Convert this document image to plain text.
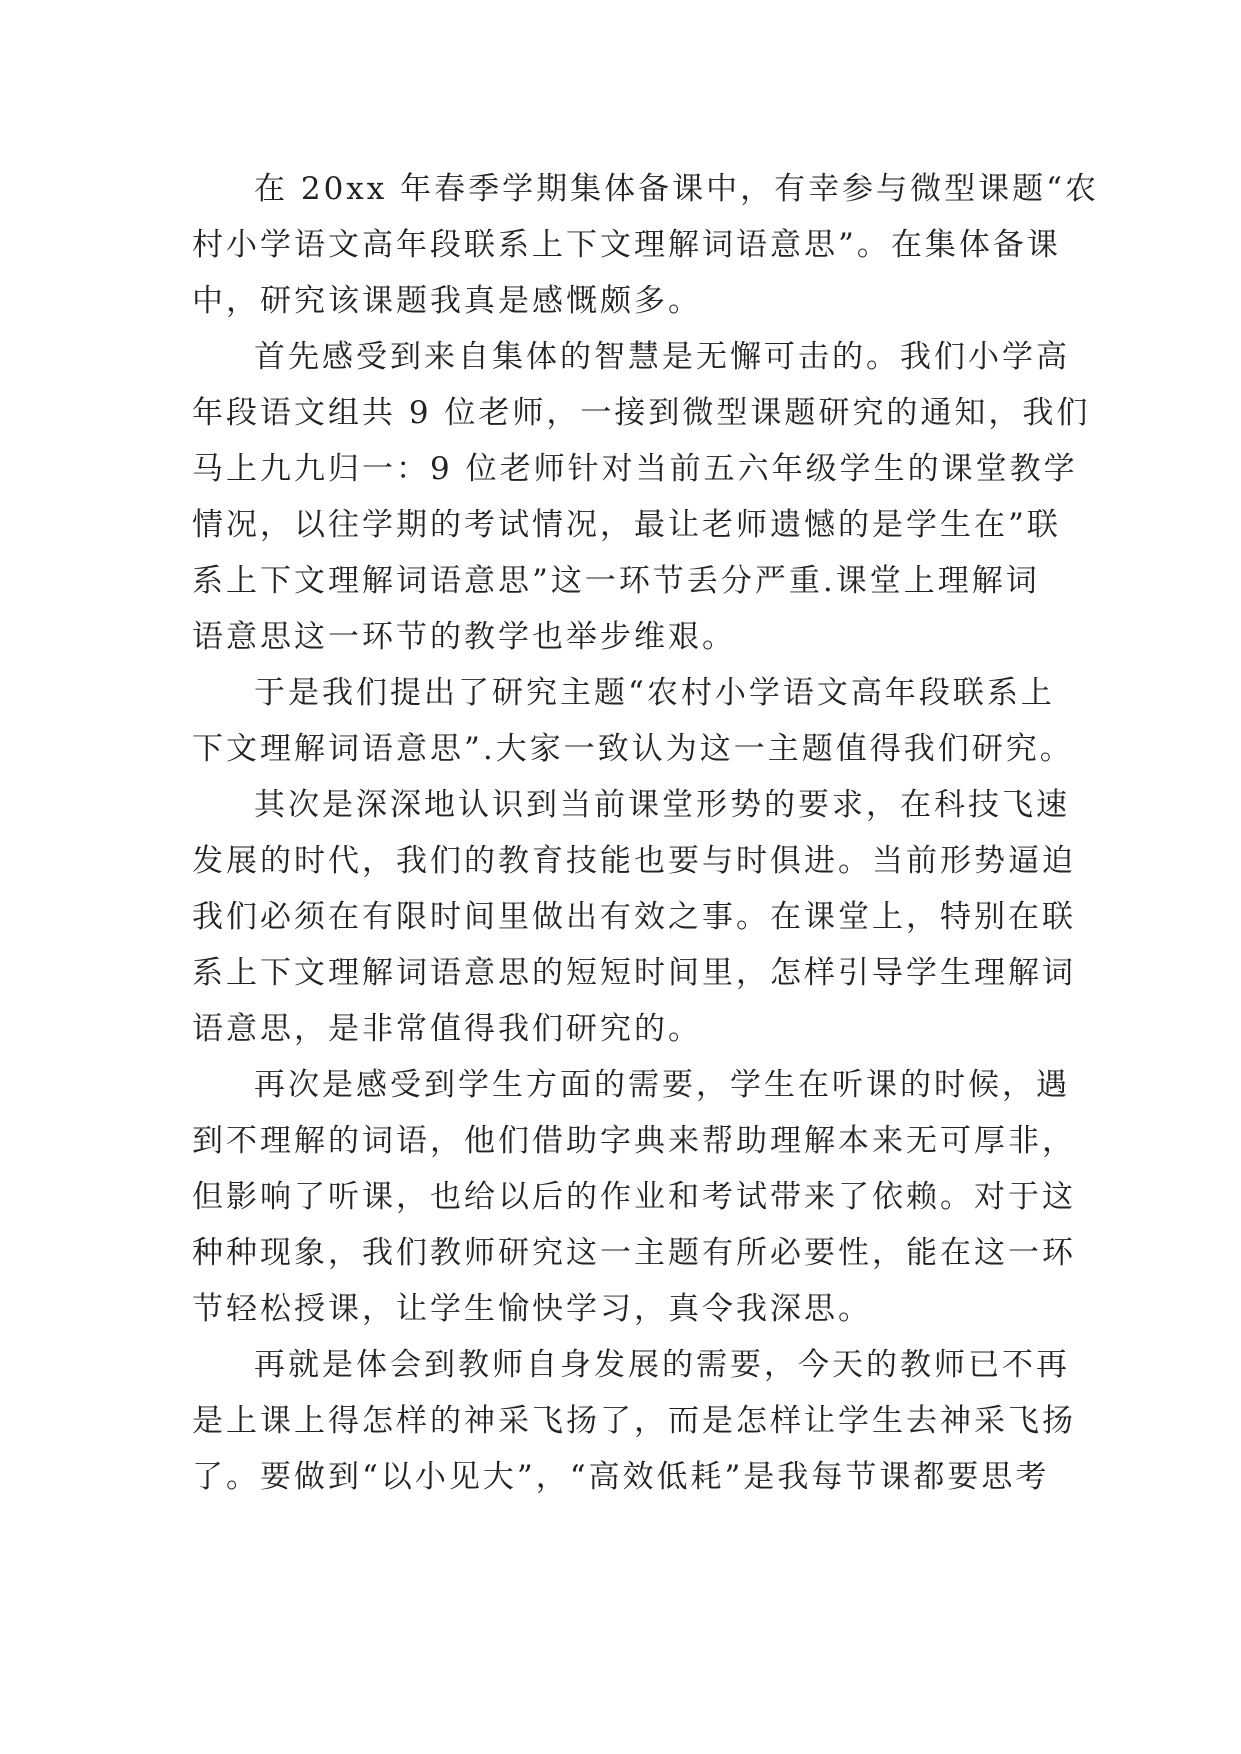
在 20xx 年春季学期集体备课中，有幸参与微型课题“农
村小学语文高年段联系上下文理解词语意思”。在集体备课
中，研究该课题我真是感慨颇多。
首先感受到来自集体的智慧是无懈可击的。我们小学高
年段语文组共 9 位老师，一接到微型课题研究的通知，我们
马上九九归一：9 位老师针对当前五六年级学生的课堂教学
情况，以往学期的考试情况，最让老师遗憾的是学生在”联
系上下文理解词语意思”这一环节丢分严重.课堂上理解词
语意思这一环节的教学也举步维艰。
于是我们提出了研究主题“农村小学语文高年段联系上
下文理解词语意思”.大家一致认为这一主题值得我们研究。
其次是深深地认识到当前课堂形势的要求，在科技飞速
发展的时代，我们的教育技能也要与时俱进。当前形势逼迫
我们必须在有限时间里做出有效之事。在课堂上，特别在联
系上下文理解词语意思的短短时间里，怎样引导学生理解词
语意思，是非常值得我们研究的。
再次是感受到学生方面的需要，学生在听课的时候，遇
到不理解的词语，他们借助字典来帮助理解本来无可厚非，
但影响了听课，也给以后的作业和考试带来了依赖。对于这
种种现象，我们教师研究这一主题有所必要性，能在这一环
节轻松授课，让学生愉快学习，真令我深思。
再就是体会到教师自身发展的需要，今天的教师已不再
是上课上得怎样的神采飞扬了，而是怎样让学生去神采飞扬
了。要做到“以小见大”，“高效低耗”是我每节课都要思考
